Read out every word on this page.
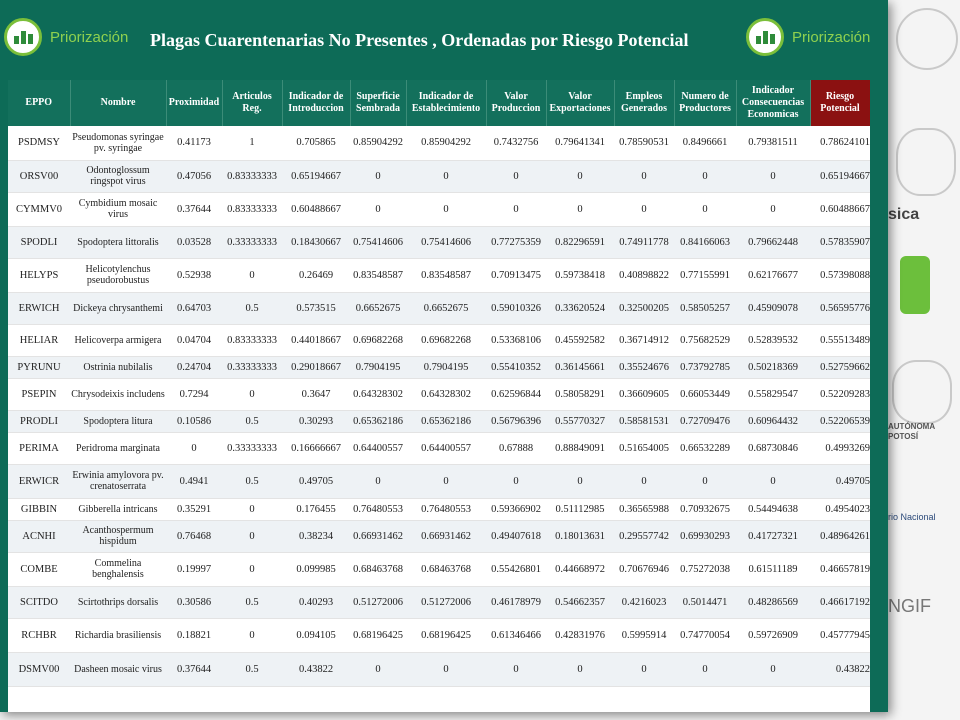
sica
AUTÓNOMA
POTOSÍ
rio Nacional
NGIF
Priorización Plagas Cuarentenarias No Presentes , Ordenadas por Riesgo Potencial	Priorización
EPPO	Nombre	Proximidad	Articulos Reg.	Indicador de Introduccion	Superficie Sembrada	Indicador de Establecimiento	Valor Produccion	Valor Exportaciones	Empleos Generados	Numero de Productores	Indicador Consecuencias Economicas	Riesgo Potencial
PSDMSY	Pseudomonas syringae pv. syringae	0.41173	1	0.705865	0.85904292	0.85904292	0.7432756	0.79641341	0.78590531	0.8496661	0.79381511	0.78624101
ORSV00	Odontoglossum ringspot virus	0.47056	0.83333333	0.65194667	0	0	0	0	0	0	0	0.65194667
CYMMV0	Cymbidium mosaic virus	0.37644	0.83333333	0.60488667	0	0	0	0	0	0	0	0.60488667
SPODLI	Spodoptera littoralis	0.03528	0.33333333	0.18430667	0.75414606	0.75414606	0.77275359	0.82296591	0.74911778	0.84166063	0.79662448	0.57835907
HELYPS	Helicotylenchus pseudorobustus	0.52938	0	0.26469	0.83548587	0.83548587	0.70913475	0.59738418	0.40898822	0.77155991	0.62176677	0.57398088
ERWICH	Dickeya chrysanthemi	0.64703	0.5	0.573515	0.6652675	0.6652675	0.59010326	0.33620524	0.32500205	0.58505257	0.45909078	0.56595776
HELIAR	Helicoverpa armigera	0.04704	0.83333333	0.44018667	0.69682268	0.69682268	0.53368106	0.45592582	0.36714912	0.75682529	0.52839532	0.55513489
PYRUNU	Ostrinia nubilalis	0.24704	0.33333333	0.29018667	0.7904195	0.7904195	0.55410352	0.36145661	0.35524676	0.73792785	0.50218369	0.52759662
PSEPIN	Chrysodeixis includens	0.7294	0	0.3647	0.64328302	0.64328302	0.62596844	0.58058291	0.36609605	0.66053449	0.55829547	0.52209283
PRODLI	Spodoptera litura	0.10586	0.5	0.30293	0.65362186	0.65362186	0.56796396	0.55770327	0.58581531	0.72709476	0.60964432	0.52206539
PERIMA	Peridroma marginata	0	0.33333333	0.16666667	0.64400557	0.64400557	0.67888	0.88849091	0.51654005	0.66532289	0.68730846	0.4993269
ERWICR	Erwinia amylovora pv. crenatoserrata	0.4941	0.5	0.49705	0	0	0	0	0	0	0	0.49705
GIBBIN	Gibberella intricans	0.35291	0	0.176455	0.76480553	0.76480553	0.59366902	0.51112985	0.36565988	0.70932675	0.54494638	0.4954023
ACNHI	Acanthospermum hispidum	0.76468	0	0.38234	0.66931462	0.66931462	0.49407618	0.18013631	0.29557742	0.69930293	0.41727321	0.48964261
COMBE	Commelina benghalensis	0.19997	0	0.099985	0.68463768	0.68463768	0.55426801	0.44668972	0.70676946	0.75272038	0.61511189	0.46657819
SCITDO	Scirtothrips dorsalis	0.30586	0.5	0.40293	0.51272006	0.51272006	0.46178979	0.54662357	0.4216023	0.5014471	0.48286569	0.46617192
RCHBR	Richardia brasiliensis	0.18821	0	0.094105	0.68196425	0.68196425	0.61346466	0.42831976	0.5995914	0.74770054	0.59726909	0.45777945
DSMV00	Dasheen mosaic virus	0.37644	0.5	0.43822	0	0	0	0	0	0	0	0.43822
